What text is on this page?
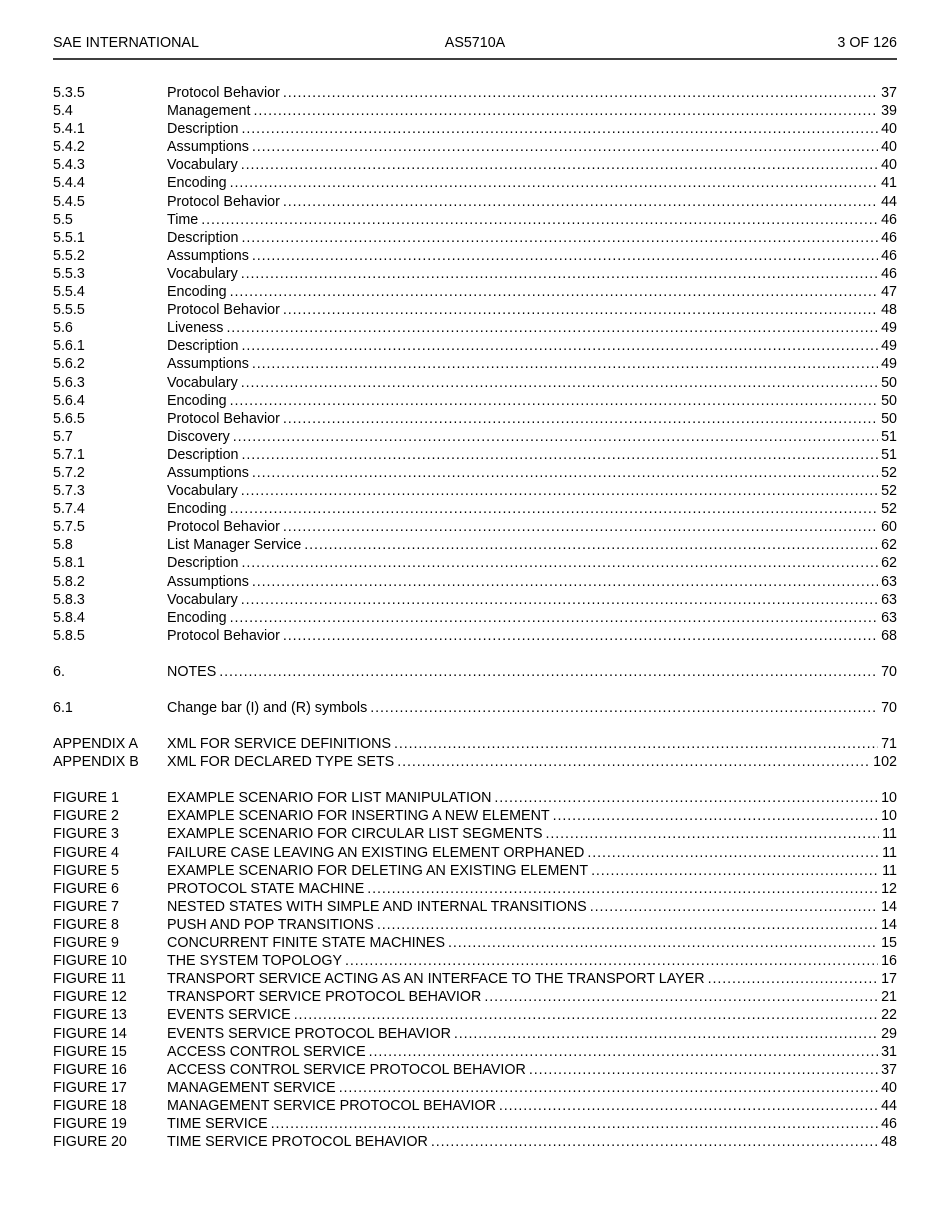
SAE INTERNATIONAL	AS5710A	3 OF 126
5.3.5	Protocol Behavior .....	37
5.4	Management .....	39
5.4.1	Description .....	40
5.4.2	Assumptions .....	40
5.4.3	Vocabulary .....	40
5.4.4	Encoding .....	41
5.4.5	Protocol Behavior .....	44
5.5	Time .....	46
5.5.1	Description .....	46
5.5.2	Assumptions .....	46
5.5.3	Vocabulary .....	46
5.5.4	Encoding .....	47
5.5.5	Protocol Behavior .....	48
5.6	Liveness .....	49
5.6.1	Description .....	49
5.6.2	Assumptions .....	49
5.6.3	Vocabulary .....	50
5.6.4	Encoding .....	50
5.6.5	Protocol Behavior .....	50
5.7	Discovery .....	51
5.7.1	Description .....	51
5.7.2	Assumptions .....	52
5.7.3	Vocabulary .....	52
5.7.4	Encoding .....	52
5.7.5	Protocol Behavior .....	60
5.8	List Manager Service .....	62
5.8.1	Description .....	62
5.8.2	Assumptions .....	63
5.8.3	Vocabulary .....	63
5.8.4	Encoding .....	63
5.8.5	Protocol Behavior .....	68
6.	NOTES .....	70
6.1	Change bar (I) and (R) symbols .....	70
APPENDIX A	XML FOR SERVICE DEFINITIONS .....	71
APPENDIX B	XML FOR DECLARED TYPE SETS .....	102
FIGURE 1	EXAMPLE SCENARIO FOR LIST MANIPULATION .....	10
FIGURE 2	EXAMPLE SCENARIO FOR INSERTING A NEW ELEMENT .....	10
FIGURE 3	EXAMPLE SCENARIO FOR CIRCULAR LIST SEGMENTS .....	11
FIGURE 4	FAILURE CASE LEAVING AN EXISTING ELEMENT ORPHANED .....	11
FIGURE 5	EXAMPLE SCENARIO FOR DELETING AN EXISTING ELEMENT .....	11
FIGURE 6	PROTOCOL STATE MACHINE .....	12
FIGURE 7	NESTED STATES WITH SIMPLE AND INTERNAL TRANSITIONS .....	14
FIGURE 8	PUSH AND POP TRANSITIONS .....	14
FIGURE 9	CONCURRENT FINITE STATE MACHINES .....	15
FIGURE 10	THE SYSTEM TOPOLOGY .....	16
FIGURE 11	TRANSPORT SERVICE ACTING AS AN INTERFACE TO THE TRANSPORT LAYER .....	17
FIGURE 12	TRANSPORT SERVICE PROTOCOL BEHAVIOR .....	21
FIGURE 13	EVENTS SERVICE .....	22
FIGURE 14	EVENTS SERVICE PROTOCOL BEHAVIOR .....	29
FIGURE 15	ACCESS CONTROL SERVICE .....	31
FIGURE 16	ACCESS CONTROL SERVICE PROTOCOL BEHAVIOR .....	37
FIGURE 17	MANAGEMENT SERVICE .....	40
FIGURE 18	MANAGEMENT SERVICE PROTOCOL BEHAVIOR .....	44
FIGURE 19	TIME SERVICE .....	46
FIGURE 20	TIME SERVICE PROTOCOL BEHAVIOR .....	48
